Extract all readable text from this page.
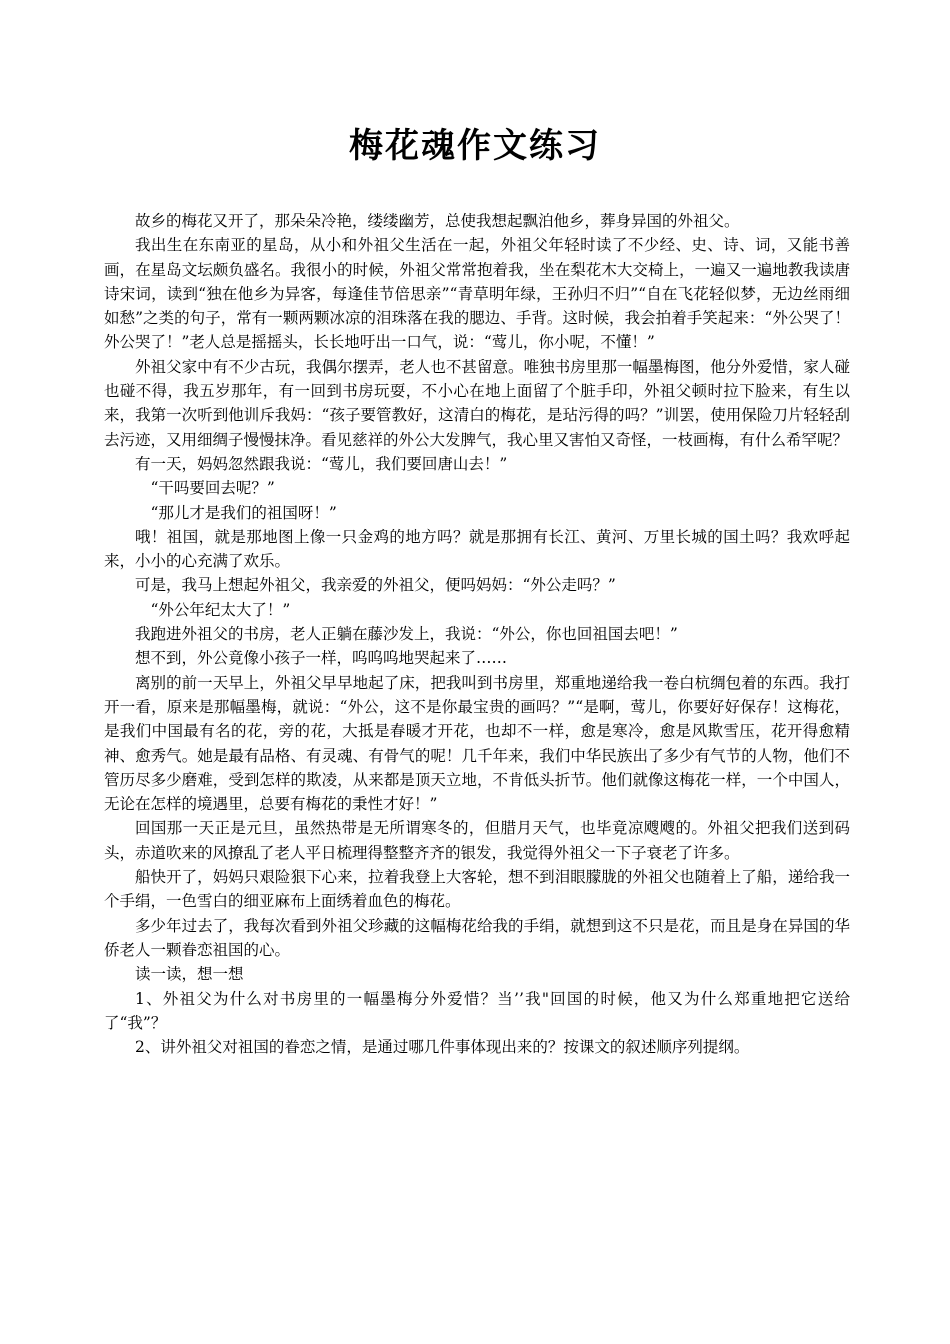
梅花魂作文练习

故乡的梅花又开了，那朵朵冷艳，缕缕幽芳，总使我想起飘泊他乡，葬身异国的外祖父。

我出生在东南亚的星岛，从小和外祖父生活在一起，外祖父年轻时读了不少经、史、诗、词，又能书善画，在星岛文坛颇负盛名。我很小的时候，外祖父常常抱着我，坐在梨花木大交椅上，一遍又一遍地教我读唐诗宋词，读到“独在他乡为异客，每逢佳节倍思亲”“青草明年绿，王孙归不归”“自在飞花轻似梦，无边丝雨细如愁”之类的句子，常有一颗两颗冰凉的泪珠落在我的腮边、手背。这时候，我会拍着手笑起来：“外公哭了！外公哭了！”老人总是摇摇头，长长地吁出一口气，说：“莺儿，你小呢，不懂！”

外祖父家中有不少古玩，我偶尔摆弄，老人也不甚留意。唯独书房里那一幅墨梅图，他分外爱惜，家人碰也碰不得，我五岁那年，有一回到书房玩耍，不小心在地上面留了个脏手印，外祖父顿时拉下脸来，有生以来，我第一次听到他训斥我妈：“孩子要管教好，这清白的梅花，是玷污得的吗？”训罢，使用保险刀片轻轻刮去污迹，又用细绸子慢慢抹净。看见慈祥的外公大发脾气，我心里又害怕又奇怪，一枝画梅，有什么希罕呢？

有一天，妈妈忽然跟我说：“莺儿，我们要回唐山去！”

“干吗要回去呢？”

“那儿才是我们的祖国呀！”

哦！祖国，就是那地图上像一只金鸡的地方吗？就是那拥有长江、黄河、万里长城的国土吗？我欢呼起来，小小的心充满了欢乐。

可是，我马上想起外祖父，我亲爱的外祖父，便吗妈妈：“外公走吗？”

“外公年纪太大了！”

我跑进外祖父的书房，老人正躺在藤沙发上，我说：“外公，你也回祖国去吧！”

想不到，外公竟像小孩子一样，呜呜呜地哭起来了……

离别的前一天早上，外祖父早早地起了床，把我叫到书房里，郑重地递给我一卷白杭绸包着的东西。我打开一看，原来是那幅墨梅，就说：“外公，这不是你最宝贵的画吗？”“是啊，莺儿，你要好好保存！这梅花，是我们中国最有名的花，旁的花，大抵是春暖才开花，也却不一样，愈是寒冷，愈是风欺雪压，花开得愈精神、愈秀气。她是最有品格、有灵魂、有骨气的呢！几千年来，我们中华民族出了多少有气节的人物，他们不管历尽多少磨难，受到怎样的欺凌，从来都是顶天立地，不肯低头折节。他们就像这梅花一样，一个中国人，无论在怎样的境遇里，总要有梅花的秉性才好！”

回国那一天正是元旦，虽然热带是无所谓寒冬的，但腊月天气，也毕竟凉飕飕的。外祖父把我们送到码头，赤道吹来的风撩乱了老人平日梳理得整整齐齐的银发，我觉得外祖父一下子衰老了许多。

船快开了，妈妈只艰险狠下心来，拉着我登上大客轮，想不到泪眼朦胧的外祖父也随着上了船，递给我一个手绢，一色雪白的细亚麻布上面绣着血色的梅花。

多少年过去了，我每次看到外祖父珍藏的这幅梅花给我的手绢，就想到这不只是花，而且是身在异国的华侨老人一颗眷恋祖国的心。

读一读，想一想

1、外祖父为什么对书房里的一幅墨梅分外爱惜？当’’我"回国的时候，他又为什么郑重地把它送给了“我”？

2、讲外祖父对祖国的眷恋之情，是通过哪几件事体现出来的？按课文的叙述顺序列提纲。
